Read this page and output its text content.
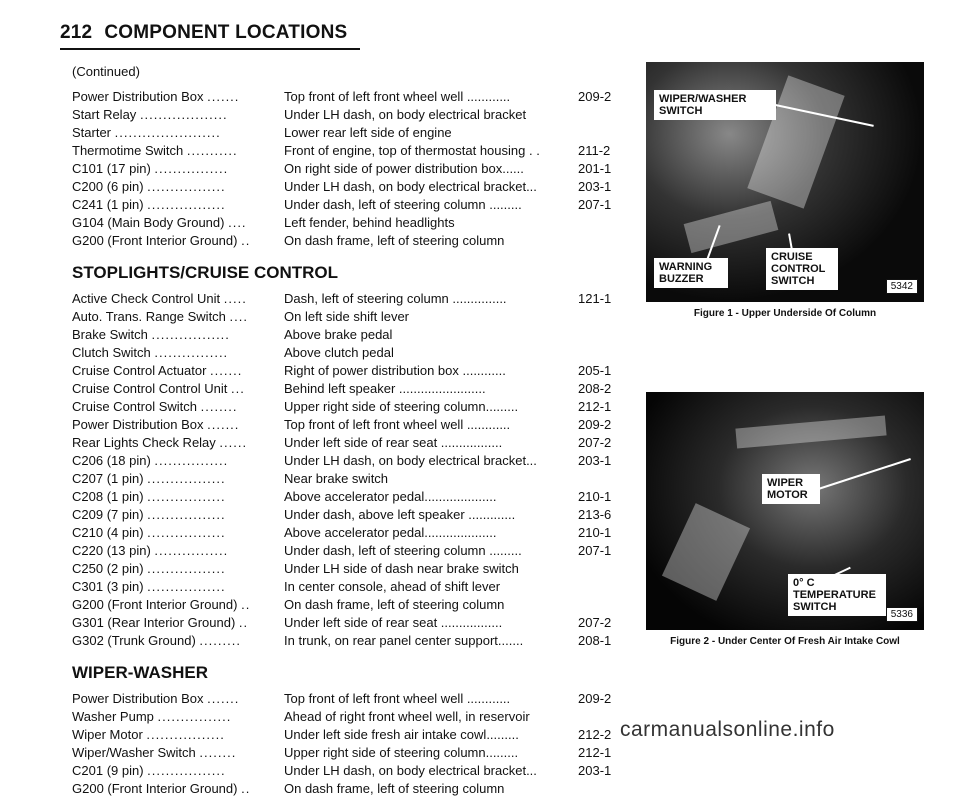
212 COMPONENT LOCATIONS
(Continued)
Power Distribution Box .......	Top front of left front wheel well ............	209-2
Start Relay ...................	Under LH dash, on body electrical bracket
Starter .......................	Lower rear left side of engine
Thermotime Switch ...........	Front of engine, top of thermostat housing . .	211-2
C101 (17 pin) ................	On right side of power distribution box......	201-1
C200 (6 pin) .................	Under LH dash, on body electrical bracket...	203-1
C241 (1 pin) .................	Under dash, left of steering column .........	207-1
G104 (Main Body Ground) ....	Left fender, behind headlights
G200 (Front Interior Ground) ..	On dash frame, left of steering column
STOPLIGHTS/CRUISE CONTROL
Active Check Control Unit .....	Dash, left of steering column ...............	121-1
Auto. Trans. Range Switch ....	On left side shift lever
Brake Switch .................	Above brake pedal
Clutch Switch ................	Above clutch pedal
Cruise Control Actuator .......	Right of power distribution box ............	205-1
Cruise Control Control Unit ...	Behind left speaker ........................	208-2
Cruise Control Switch ........	Upper right side of steering column.........	212-1
Power Distribution Box .......	Top front of left front wheel well ............	209-2
Rear Lights Check Relay ......	Under left side of rear seat .................	207-2
C206 (18 pin) ................	Under LH dash, on body electrical bracket...	203-1
C207 (1 pin) .................	Near brake switch
C208 (1 pin) .................	Above accelerator pedal....................	210-1
C209 (7 pin) .................	Under dash, above left speaker .............	213-6
C210 (4 pin) .................	Above accelerator pedal....................	210-1
C220 (13 pin) ................	Under dash, left of steering column .........	207-1
C250 (2 pin) .................	Under LH side of dash near brake switch
C301 (3 pin) .................	In center console, ahead of shift lever
G200 (Front Interior Ground) ..	On dash frame, left of steering column
G301 (Rear Interior Ground) ..	Under left side of rear seat .................	207-2
G302 (Trunk Ground) .........	In trunk, on rear panel center support.......	208-1
WIPER-WASHER
Power Distribution Box .......	Top front of left front wheel well ............	209-2
Washer Pump ................	Ahead of right front wheel well, in reservoir
Wiper Motor .................	Under left side fresh air intake cowl.........	212-2
Wiper/Washer Switch ........	Upper right side of steering column.........	212-1
C201 (9 pin) .................	Under LH dash, on body electrical bracket...	203-1
G200 (Front Interior Ground) ..	On dash frame, left of steering column
WIPER/WASHER SWITCH
WARNING BUZZER
CRUISE CONTROL SWITCH	5342
Figure 1 - Upper Underside Of Column
WIPER MOTOR
0° C TEMPERATURE SWITCH
5336
Figure 2 - Under Center Of Fresh Air Intake Cowl
carmanualsonline.info
